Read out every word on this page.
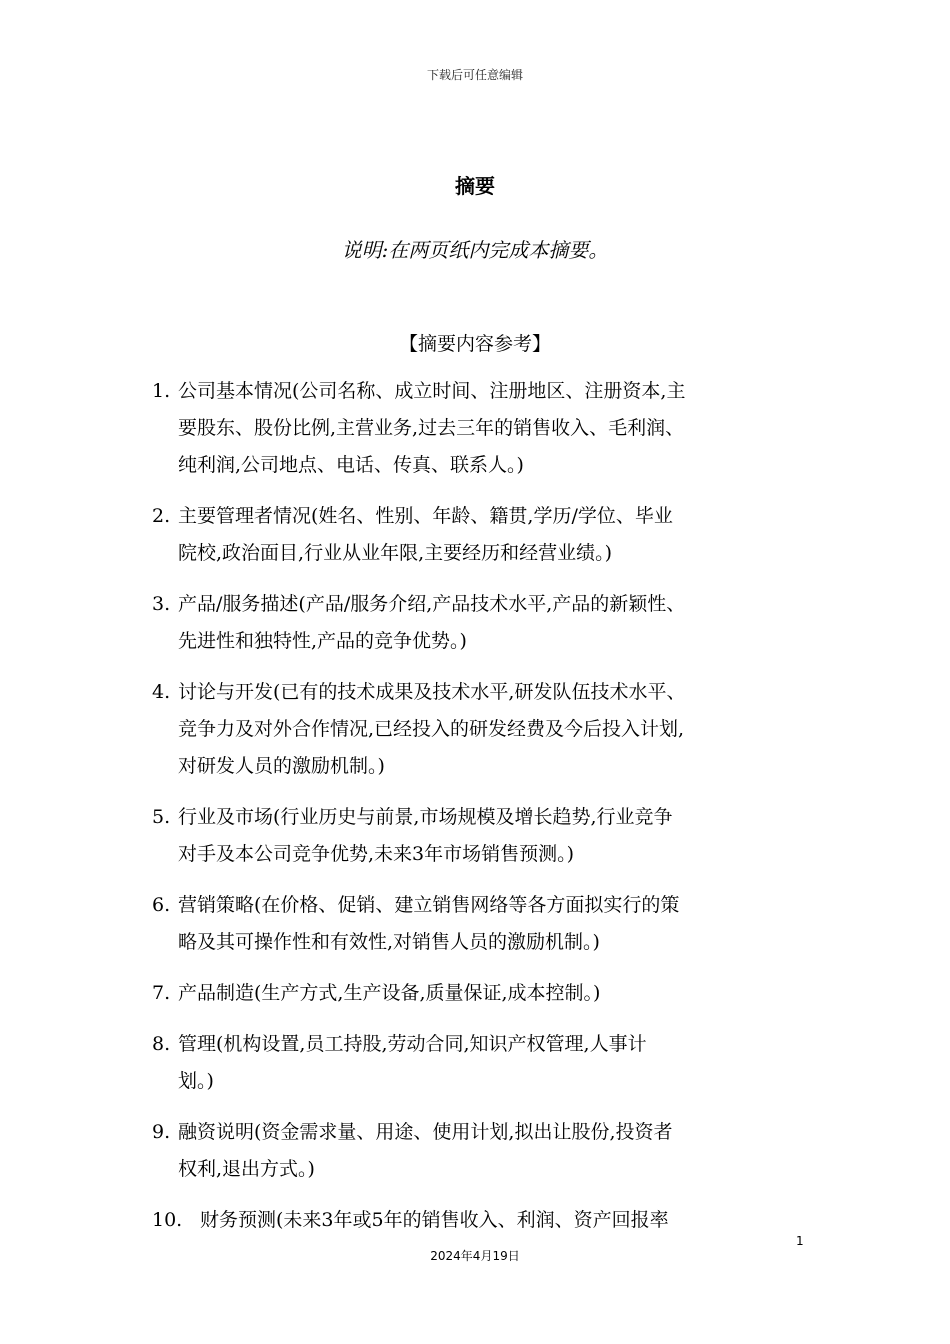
下载后可任意编辑
摘要
说明:在两页纸内完成本摘要。
【摘要内容参考】
1. 公司基本情况(公司名称、成立时间、注册地区、注册资本,主
要股东、股份比例,主营业务,过去三年的销售收入、毛利润、
纯利润,公司地点、电话、传真、联系人。)
2. 主要管理者情况(姓名、性别、年龄、籍贯,学历/学位、毕业
院校,政治面目,行业从业年限,主要经历和经营业绩。)
3. 产品/服务描述(产品/服务介绍,产品技术水平,产品的新颖性、
先进性和独特性,产品的竞争优势。)
4. 讨论与开发(已有的技术成果及技术水平,研发队伍技术水平、
竞争力及对外合作情况,已经投入的研发经费及今后投入计划,
对研发人员的激励机制。)
5. 行业及市场(行业历史与前景,市场规模及增长趋势,行业竞争
对手及本公司竞争优势,未来3年市场销售预测。)
6. 营销策略(在价格、促销、建立销售网络等各方面拟实行的策
略及其可操作性和有效性,对销售人员的激励机制。)
7. 产品制造(生产方式,生产设备,质量保证,成本控制。)
8. 管理(机构设置,员工持股,劳动合同,知识产权管理,人事计
划。)
9. 融资说明(资金需求量、用途、使用计划,拟出让股份,投资者
权利,退出方式。)
10. 财务预测(未来3年或5年的销售收入、利润、资产回报率
1
2024年4月19日
